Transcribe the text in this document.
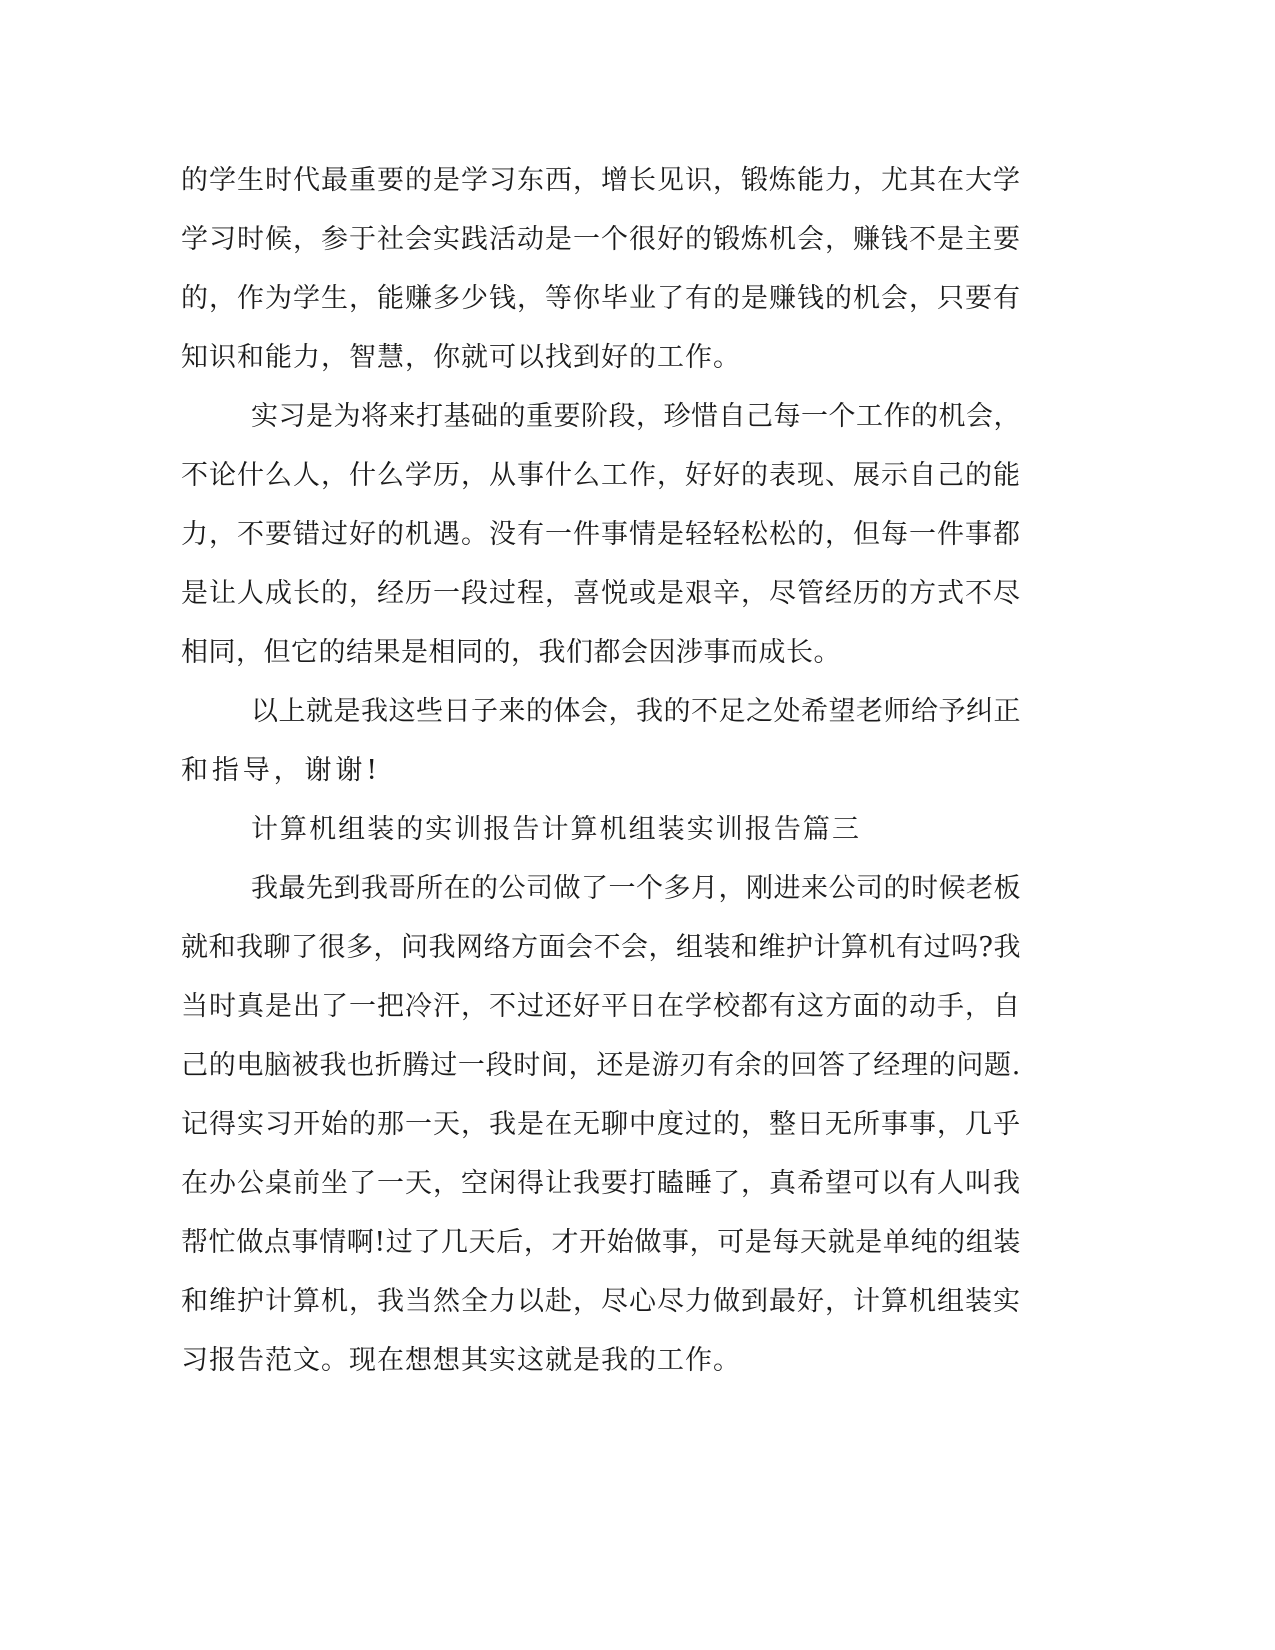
的学生时代最重要的是学习东西，增长见识，锻炼能力，尤其在大学
学习时候，参于社会实践活动是一个很好的锻炼机会，赚钱不是主要
的，作为学生，能赚多少钱，等你毕业了有的是赚钱的机会，只要有
知识和能力，智慧，你就可以找到好的工作。
实习是为将来打基础的重要阶段，珍惜自己每一个工作的机会，
不论什么人，什么学历，从事什么工作，好好的表现、展示自己的能
力，不要错过好的机遇。没有一件事情是轻轻松松的，但每一件事都
是让人成长的，经历一段过程，喜悦或是艰辛，尽管经历的方式不尽
相同，但它的结果是相同的，我们都会因涉事而成长。
以上就是我这些日子来的体会，我的不足之处希望老师给予纠正
和指导，谢谢!
计算机组装的实训报告计算机组装实训报告篇三
我最先到我哥所在的公司做了一个多月，刚进来公司的时候老板
就和我聊了很多，问我网络方面会不会，组装和维护计算机有过吗?我
当时真是出了一把冷汗，不过还好平日在学校都有这方面的动手，自
己的电脑被我也折腾过一段时间，还是游刃有余的回答了经理的问题.
记得实习开始的那一天，我是在无聊中度过的，整日无所事事，几乎
在办公桌前坐了一天，空闲得让我要打瞌睡了，真希望可以有人叫我
帮忙做点事情啊!过了几天后，才开始做事，可是每天就是单纯的组装
和维护计算机，我当然全力以赴，尽心尽力做到最好，计算机组装实
习报告范文。现在想想其实这就是我的工作。
